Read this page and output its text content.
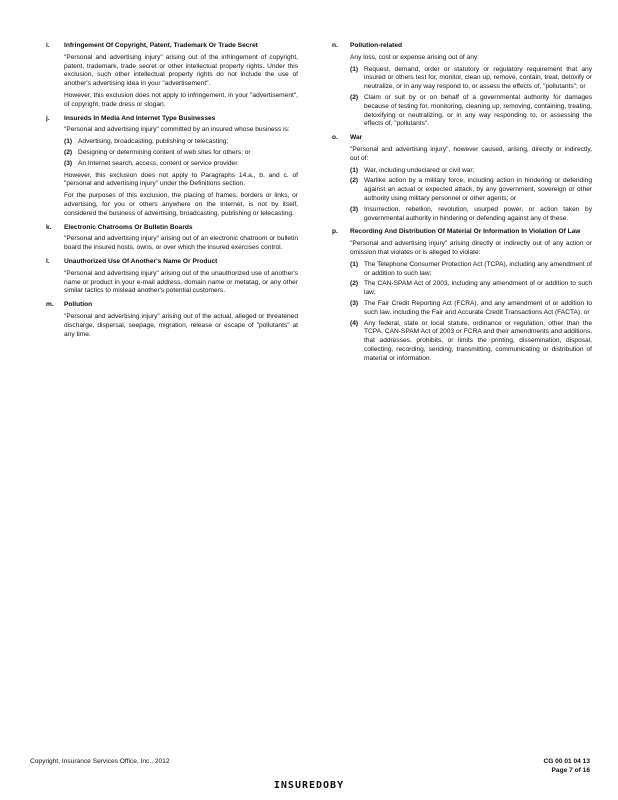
i.	Infringement Of Copyright, Patent, Trademark Or Trade Secret

"Personal and advertising injury" arising out of the infringement of copyright, patent, trademark, trade secret or other intellectual property rights. Under this exclusion, such other intellectual property rights do not include the use of another's advertising idea in your "advertisement".

However, this exclusion does not apply to infringement, in your "advertisement", of copyright, trade dress or slogan.

j.	Insureds In Media And Internet Type Businesses

"Personal and advertising injury" committed by an insured whose business is:

(1) Advertising, broadcasting, publishing or telecasting;
(2) Designing or determining content of web sites for others; or
(3) An Internet search, access, content or service provider.

However, this exclusion does not apply to Paragraphs 14.a., b. and c. of "personal and advertising injury" under the Definitions section.

For the purposes of this exclusion, the placing of frames, borders or links, or advertising, for you or others anywhere on the Internet, is not by itself, considered the business of advertising, broadcasting, publishing or telecasting.

k.	Electronic Chatrooms Or Bulletin Boards

"Personal and advertising injury" arising out of an electronic chatroom or bulletin board the insured hosts, owns, or over which the insured exercises control.

l.	Unauthorized Use Of Another's Name Or Product

"Personal and advertising injury" arising out of the unauthorized use of another's name or product in your e-mail address, domain name or metatag, or any other similar tactics to mislead another's potential customers.

m.	Pollution

"Personal and advertising injury" arising out of the actual, alleged or threatened discharge, dispersal, seepage, migration, release or escape of "pollutants" at any time.

n.	Pollution-related

Any loss, cost or expense arising out of any:

(1) Request, demand, order or statutory or regulatory requirement that any insured or others test for, monitor, clean up, remove, contain, treat, detoxify or neutralize, or in any way respond to, or assess the effects of, "pollutants"; or
(2) Claim or suit by or on behalf of a governmental authority for damages because of testing for, monitoring, cleaning up, removing, containing, treating, detoxifying or neutralizing, or in any way responding to, or assessing the effects of, "pollutants".
o.	War

"Personal and advertising injury", however caused, arising, directly or indirectly, out of:

(1) War, including undeclared or civil war;
(2) Warlike action by a military force, including action in hindering or defending against an actual or expected attack, by any government, sovereign or other authority using military personnel or other agents; or
(3) Insurrection, rebellion, revolution, usurped power, or action taken by governmental authority in hindering or defending against any of these.
p.	Recording And Distribution Of Material Or Information In Violation Of Law

"Personal and advertising injury" arising directly or indirectly out of any action or omission that violates or is alleged to violate:

(1) The Telephone Consumer Protection Act (TCPA), including any amendment of or addition to such law;
(2) The CAN-SPAM Act of 2003, including any amendment of or addition to such law;
(3) The Fair Credit Reporting Act (FCRA), and any amendment of or addition to such law, including the Fair and Accurate Credit Transactions Act (FACTA); or
(4) Any federal, state or local statute, ordinance or regulation, other than the TCPA, CAN-SPAM Act of 2003 or FCRA and their amendments and additions, that addresses, prohibits, or limits the printing, dissemination, disposal, collecting, recording, sending, transmitting, communicating or distribution of material or information.
Copyright, Insurance Services Office, Inc., 2012	CG 00 01 04 13
Page 7 of 16
INSUREDOBY
